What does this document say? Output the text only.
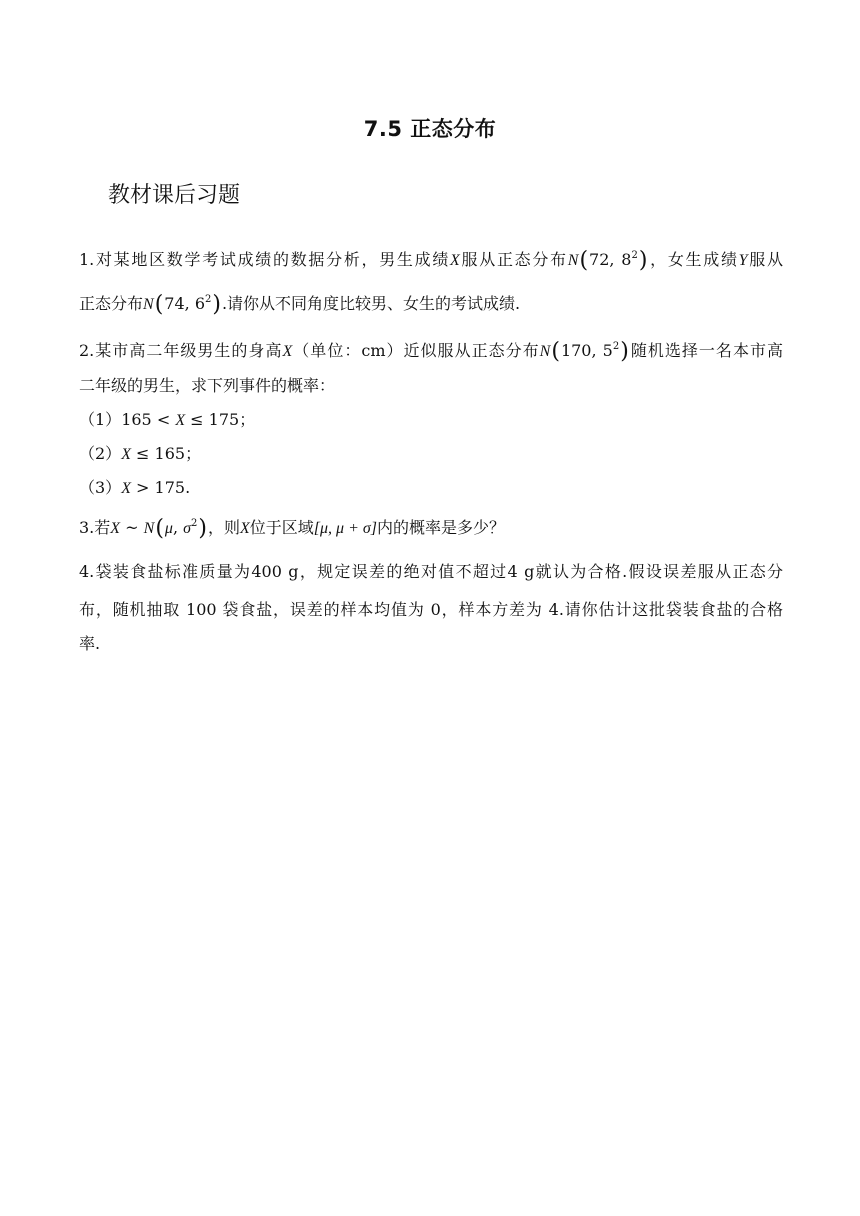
7.5 正态分布
教材课后习题
1.对某地区数学考试成绩的数据分析，男生成绩X服从正态分布N(72, $8^2$)，女生成绩Y服从
正态分布N(74, $6^2$).请你从不同角度比较男、女生的考试成绩.
2.某市高二年级男生的身高X（单位：cm）近似服从正态分布N(170, $5^2$)随机选择一名本市高
二年级的男生，求下列事件的概率：
（1）165 < X ≤ 175；
（2）X ≤ 165；
（3）X > 175.
3.若X ~ N(μ, $\sigma^2$)，则X位于区域[μ, μ + σ]内的概率是多少？
4.袋装食盐标准质量为400 g，规定误差的绝对值不超过4 g就认为合格.假设误差服从正态分
布，随机抽取 100 袋食盐，误差的样本均值为 0，样本方差为 4.请你估计这批袋装食盐的合格
率.
